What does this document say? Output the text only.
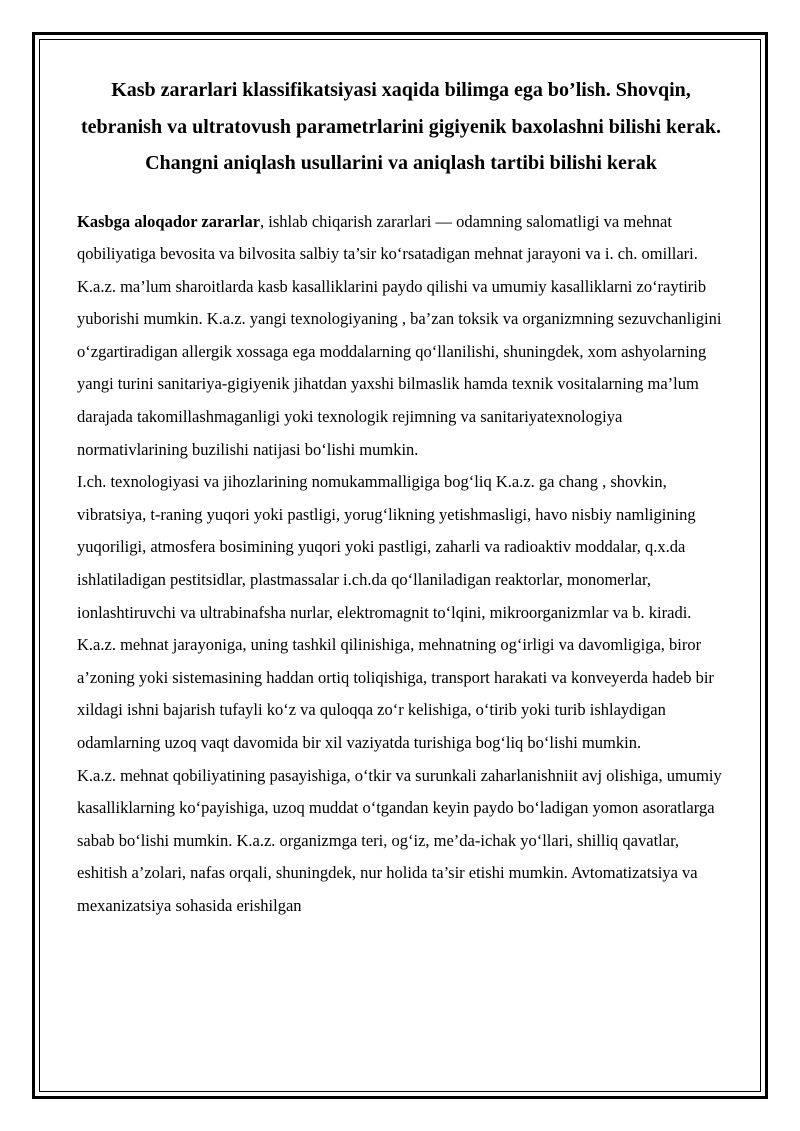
Kasb zararlari klassifikatsiyasi xaqida bilimga ega bo’lish. Shovqin, tebranish va ultratovush parametrlarini gigiyenik baxolashni bilishi kerak. Changni aniqlash usullarini va aniqlash tartibi bilishi kerak

Kasbga aloqador zararlar, ishlab chiqarish zararlari — odamning salomatligi va mehnat qobiliyatiga bevosita va bilvosita salbiy ta’sir koʻrsatadigan mehnat jarayoni va i. ch. omillari. K.a.z. ma’lum sharoitlarda kasb kasalliklarini paydo qilishi va umumiy kasalliklarni zoʻraytirib yuborishi mumkin. K.a.z. yangi texnologiyaning , ba’zan toksik va organizmning sezuvchanligini oʻzgartiradigan allergik xossaga ega moddalarning qoʻllanilishi, shuningdek, xom ashyolarning yangi turini sanitariya-gigiyenik jihatdan yaxshi bilmaslik hamda texnik vositalarning ma’lum darajada takomillashmaganligi yoki texnologik rejimning va sanitariyatexnologiya normativlarining buzilishi natijasi boʻlishi mumkin.

I.ch. texnologiyasi va jihozlarining nomukammalligiga bogʻliq K.a.z. ga chang , shovkin, vibratsiya, t-raning yuqori yoki pastligi, yorugʻlikning yetishmasligi, havo nisbiy namligining yuqoriligi, atmosfera bosimining yuqori yoki pastligi, zaharli va radioaktiv moddalar, q.x.da ishlatiladigan pestitsidlar, plastmassalar i.ch.da qoʻllaniladigan reaktorlar, monomerlar, ionlashtiruvchi va ultrabinafsha nurlar, elektromagnit toʻlqini, mikroorganizmlar va b. kiradi. K.a.z. mehnat jarayoniga, uning tashkil qilinishiga, mehnatning ogʻirligi va davomligiga, biror a’zoning yoki sistemasining haddan ortiq toliqishiga, transport harakati va konveyerda hadeb bir xildagi ishni bajarish tufayli koʻz va quloqqa zoʻr kelishiga, oʻtirib yoki turib ishlaydigan odamlarning uzoq vaqt davomida bir xil vaziyatda turishiga bogʻliq boʻlishi mumkin.

K.a.z. mehnat qobiliyatining pasayishiga, oʻtkir va surunkali zaharlanishniit avj olishiga, umumiy kasalliklarning koʻpayishiga, uzoq muddat oʻtgandan keyin paydo boʻladigan yomon asoratlarga sabab boʻlishi mumkin. K.a.z. organizmga teri, ogʻiz, me’da-ichak yoʻllari, shilliq qavatlar, eshitish a’zolari, nafas orqali, shuningdek, nur holida ta’sir etishi mumkin. Avtomatizatsiya va mexanizatsiya sohasida erishilgan
